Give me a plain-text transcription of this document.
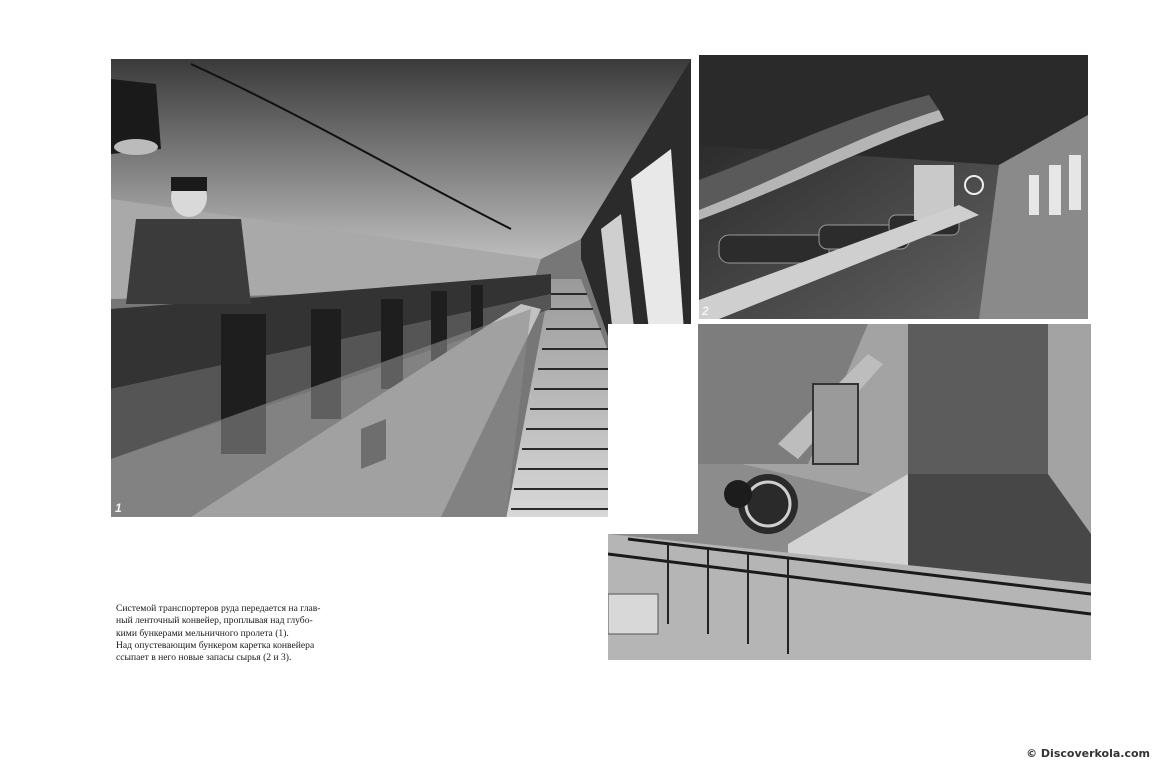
1
2
Системой транспортеров руда передается на глав-
ный ленточный конвейер, проплывая над глубо-
кими бункерами мельничного пролета (1).
Над опустевающим бункером каретка конвейера
ссыпает в него новые запасы сырья (2 и 3).
© Discoverkola.com
